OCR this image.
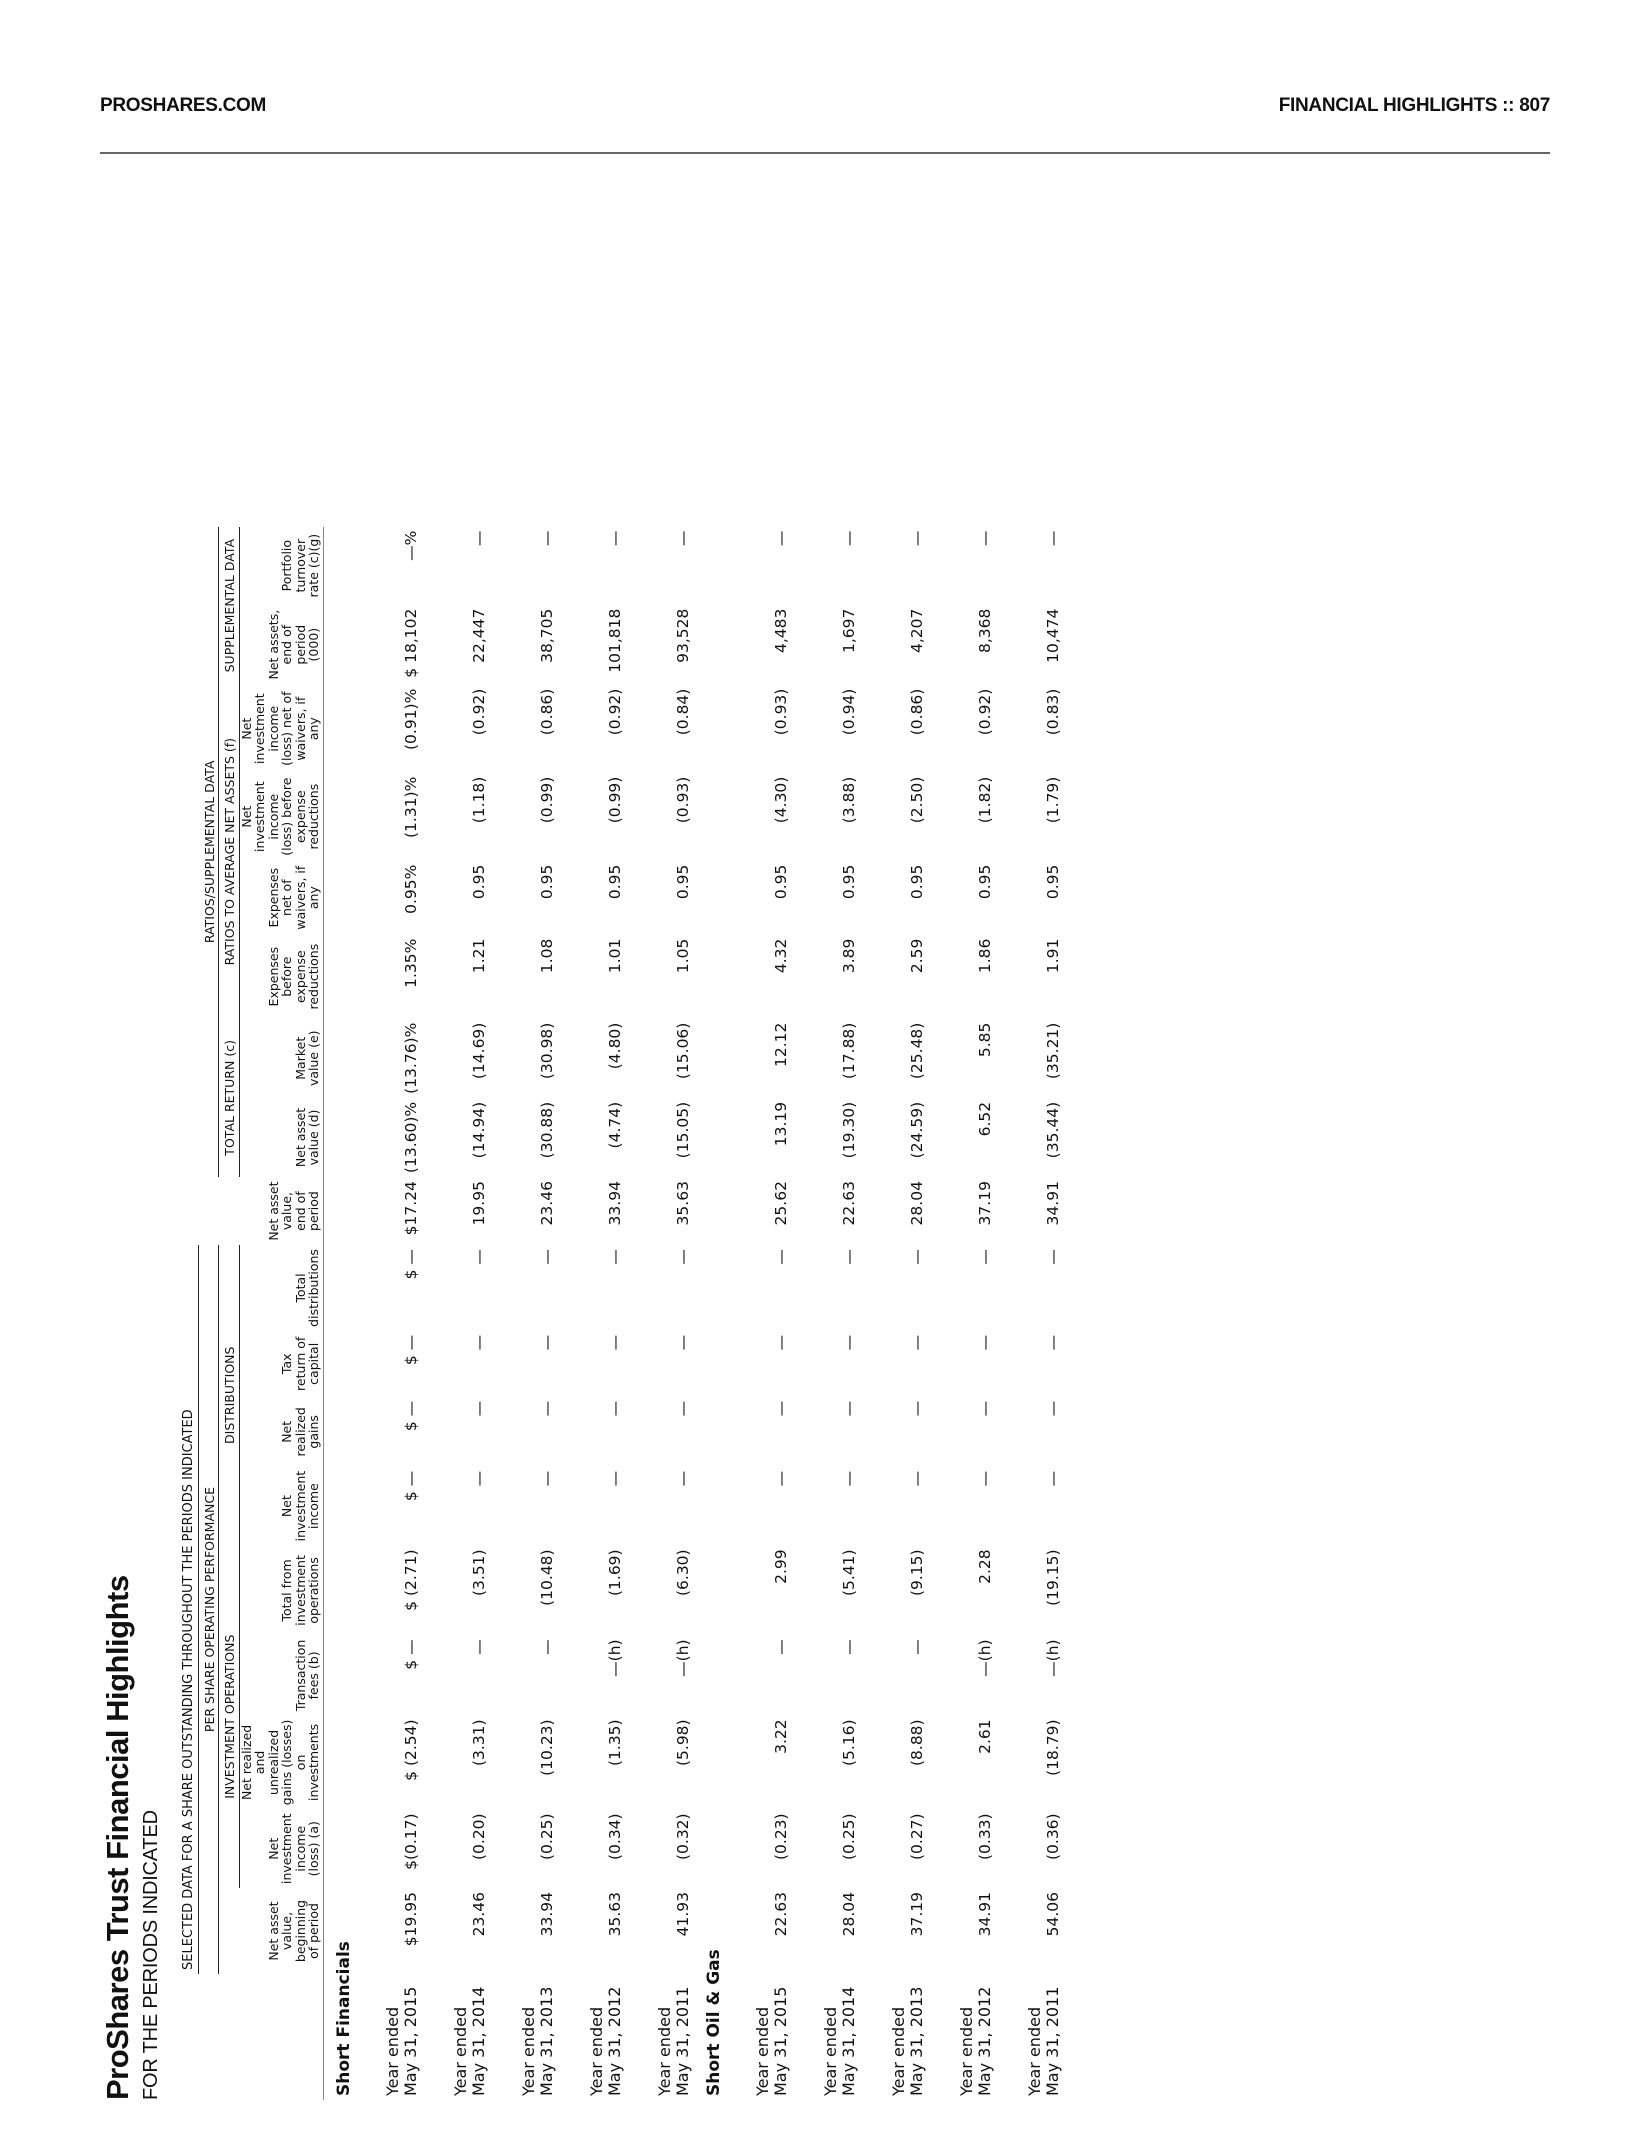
PROSHARES.COM	FINANCIAL HIGHLIGHTS :: 807
ProShares Trust Financial Highlights FOR THE PERIODS INDICATED
	SELECTED DATA FOR A SHARE OUTSTANDING THROUGHOUT THE PERIODS INDICATED																	
	PER SHARE OPERATING PERFORMANCE										RATIOS/SUPPLEMENTAL DATA							
		INVESTMENT OPERATIONS				DISTRIBUTIONS					TOTAL RETURN (c)		RATIOS TO AVERAGE NET ASSETS (f)				SUPPLEMENTAL DATA	
	Net asset value, beginning of period	Net investment income (loss) (a)	Net realized and unrealized gains (losses) on investments	Transaction fees (b)	Total from investment operations	Net investment income	Net realized gains	Tax return of capital	Total distributions	Net asset value, end of period	Net asset value (d)	Market value (e)	Expenses before expense reductions	Expenses net of waivers, if any	Net investment income (loss) before expense reductions	Net investment income (loss) net of waivers, if any	Net assets, end of period (000)	Portfolio turnover rate (c)(g)
Short Financials																		
Year ended May 31, 2015	$19.95	$(0.17)	$ (2.54)	$ —	$ (2.71)	$ —	$ —	$ —	$ —	$17.24	(13.60)%	(13.76)%	1.35%	0.95%	(1.31)%	(0.91)%	$ 18,102	—%
Year ended May 31, 2014	23.46	(0.20)	(3.31)	—	(3.51)	—	—	—	—	19.95	(14.94)	(14.69)	1.21	0.95	(1.18)	(0.92)	22,447	—
Year ended May 31, 2013	33.94	(0.25)	(10.23)	—	(10.48)	—	—	—	—	23.46	(30.88)	(30.98)	1.08	0.95	(0.99)	(0.86)	38,705	—
Year ended May 31, 2012	35.63	(0.34)	(1.35)	—(h)	(1.69)	—	—	—	—	33.94	(4.74)	(4.80)	1.01	0.95	(0.99)	(0.92)	101,818	—
Year ended May 31, 2011	41.93	(0.32)	(5.98)	—(h)	(6.30)	—	—	—	—	35.63	(15.05)	(15.06)	1.05	0.95	(0.93)	(0.84)	93,528	—
Short Oil & Gas																		
Year ended May 31, 2015	22.63	(0.23)	3.22	—	2.99	—	—	—	—	25.62	13.19	12.12	4.32	0.95	(4.30)	(0.93)	4,483	—
Year ended May 31, 2014	28.04	(0.25)	(5.16)	—	(5.41)	—	—	—	—	22.63	(19.30)	(17.88)	3.89	0.95	(3.88)	(0.94)	1,697	—
Year ended May 31, 2013	37.19	(0.27)	(8.88)	—	(9.15)	—	—	—	—	28.04	(24.59)	(25.48)	2.59	0.95	(2.50)	(0.86)	4,207	—
Year ended May 31, 2012	34.91	(0.33)	2.61	—(h)	2.28	—	—	—	—	37.19	6.52	5.85	1.86	0.95	(1.82)	(0.92)	8,368	—
Year ended May 31, 2011	54.06	(0.36)	(18.79)	—(h)	(19.15)	—	—	—	—	34.91	(35.44)	(35.21)	1.91	0.95	(1.79)	(0.83)	10,474	—
